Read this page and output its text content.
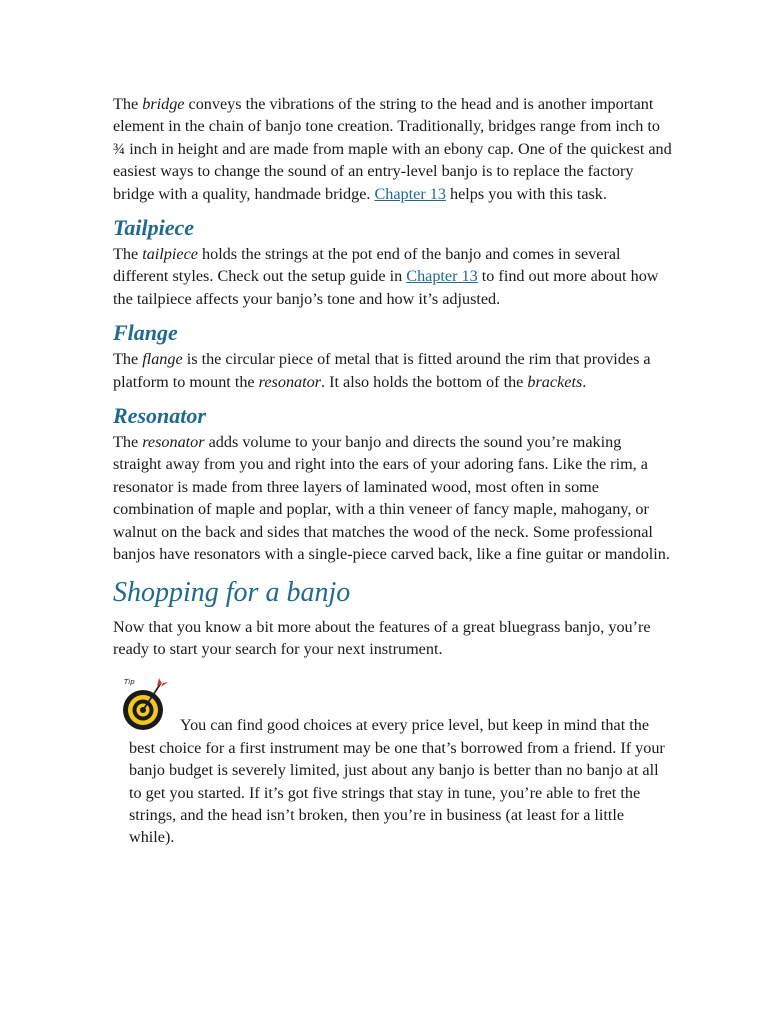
The bridge conveys the vibrations of the string to the head and is another important element in the chain of banjo tone creation. Traditionally, bridges range from inch to ¾ inch in height and are made from maple with an ebony cap. One of the quickest and easiest ways to change the sound of an entry-level banjo is to replace the factory bridge with a quality, handmade bridge. Chapter 13 helps you with this task.

Tailpiece

The tailpiece holds the strings at the pot end of the banjo and comes in several different styles. Check out the setup guide in Chapter 13 to find out more about how the tailpiece affects your banjo’s tone and how it’s adjusted.

Flange

The flange is the circular piece of metal that is fitted around the rim that provides a platform to mount the resonator. It also holds the bottom of the brackets.

Resonator

The resonator adds volume to your banjo and directs the sound you’re making straight away from you and right into the ears of your adoring fans. Like the rim, a resonator is made from three layers of laminated wood, most often in some combination of maple and poplar, with a thin veneer of fancy maple, mahogany, or walnut on the back and sides that matches the wood of the neck. Some professional banjos have resonators with a single-piece carved back, like a fine guitar or mandolin.

Shopping for a banjo

Now that you know a bit more about the features of a great bluegrass banjo, you’re ready to start your search for your next instrument.

Tip

You can find good choices at every price level, but keep in mind that the best choice for a first instrument may be one that’s borrowed from a friend. If your banjo budget is severely limited, just about any banjo is better than no banjo at all to get you started. If it’s got five strings that stay in tune, you’re able to fret the strings, and the head isn’t broken, then you’re in business (at least for a little while).
